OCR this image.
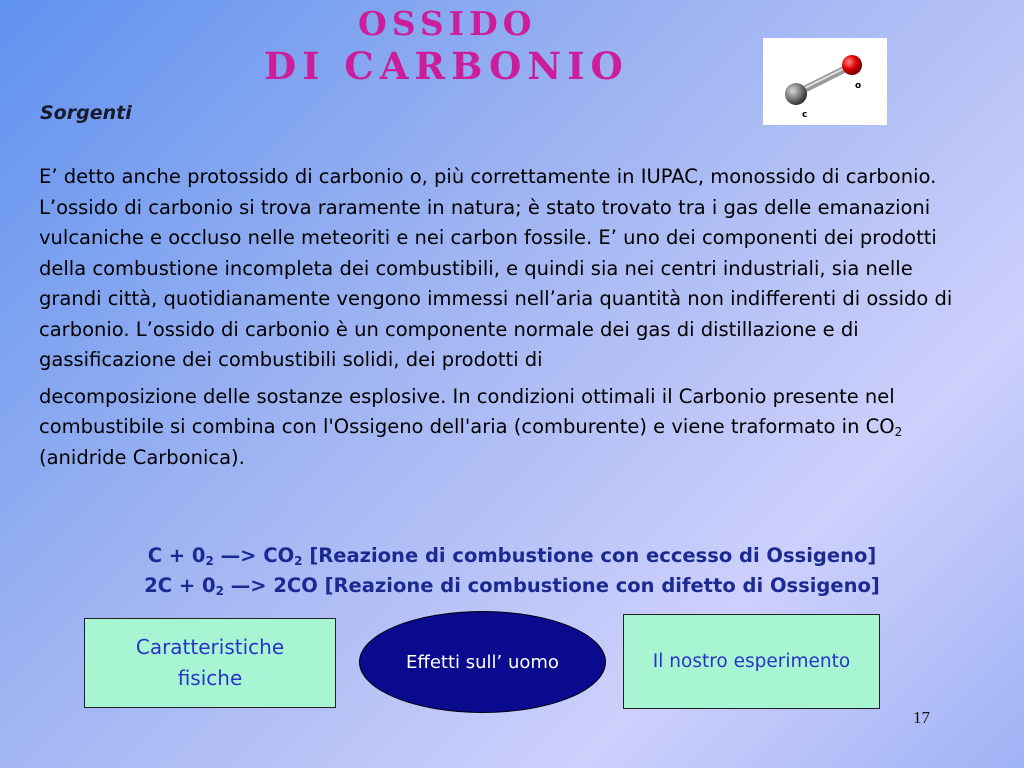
OSSIDO
DI CARBONIO
c
o
Sorgenti

E’ detto anche protossido di carbonio o, più correttamente in IUPAC, monossido di carbonio. L’ossido di carbonio si trova raramente in natura; è stato trovato tra i gas delle emanazioni vulcaniche e occluso nelle meteoriti e nei carbon fossile. E’ uno dei componenti dei prodotti della combustione incompleta dei combustibili, e quindi sia nei centri industriali, sia nelle grandi città, quotidianamente vengono immessi nell’aria quantità non indifferenti di ossido di carbonio. L’ossido di carbonio è un componente normale dei gas di distillazione e di gassificazione dei combustibili solidi, dei prodotti di

decomposizione delle sostanze esplosive. In condizioni ottimali il Carbonio presente nel combustibile si combina con l'Ossigeno dell'aria (comburente) e viene traformato in $CO_2$ (anidride Carbonica).

$C + 0_2$ —> $CO_2$ [Reazione di combustione con eccesso di Ossigeno]
$2C + 0_2$ —> 2CO [Reazione di combustione con difetto di Ossigeno]
Caratteristiche
fisiche
Effetti sull’ uomo	Il nostro esperimento
17
